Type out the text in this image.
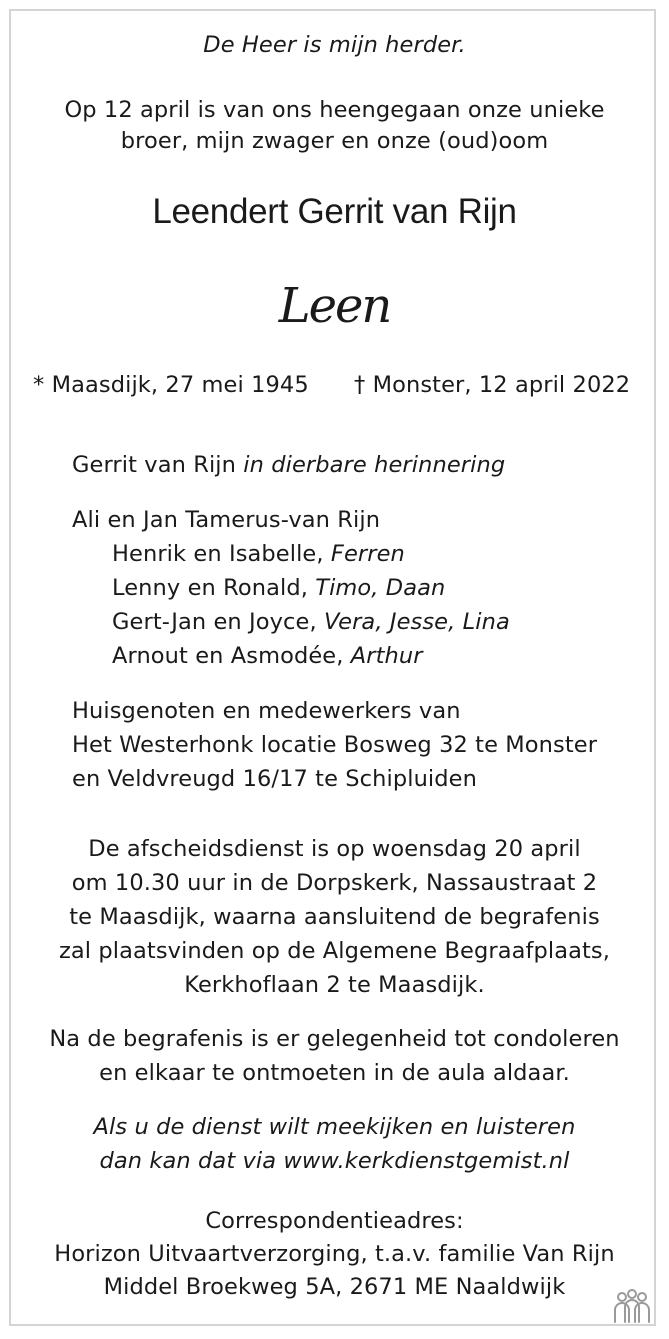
De Heer is mijn herder.
Op 12 april is van ons heengegaan onze unieke
broer, mijn zwager en onze (oud)oom
Leendert Gerrit van Rijn
Leen
* Maasdijk, 27 mei 1945 † Monster, 12 april 2022
Gerrit van Rijn in dierbare herinnering
Ali en Jan Tamerus-van Rijn
Henrik en Isabelle, Ferren
Lenny en Ronald, Timo, Daan
Gert-Jan en Joyce, Vera, Jesse, Lina
Arnout en Asmodée, Arthur
Huisgenoten en medewerkers van
Het Westerhonk locatie Bosweg 32 te Monster
en Veldvreugd 16/17 te Schipluiden
De afscheidsdienst is op woensdag 20 april
om 10.30 uur in de Dorpskerk, Nassaustraat 2
te Maasdijk, waarna aansluitend de begrafenis
zal plaatsvinden op de Algemene Begraafplaats,
Kerkhoflaan 2 te Maasdijk.
Na de begrafenis is er gelegenheid tot condoleren
en elkaar te ontmoeten in de aula aldaar.
Als u de dienst wilt meekijken en luisteren
dan kan dat via www.kerkdienstgemist.nl
Correspondentieadres:
Horizon Uitvaartverzorging, t.a.v. familie Van Rijn
Middel Broekweg 5A, 2671 ME Naaldwijk
